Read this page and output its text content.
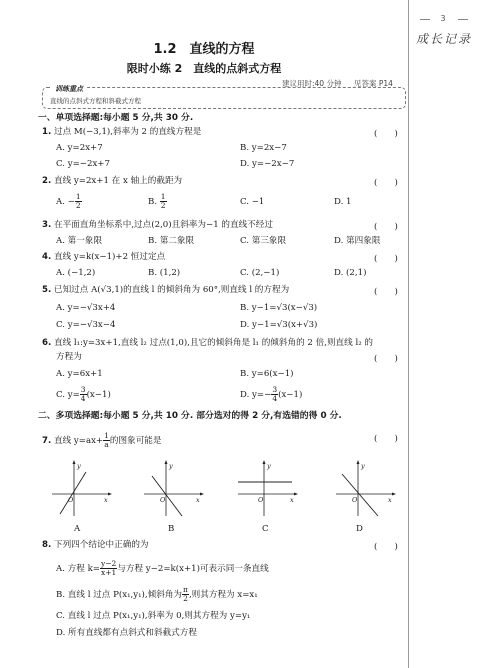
3
成长记录
1.2　直线的方程
限时小练 2　直线的点斜式方程
建议用时:40 分钟 见答案 P14
训练重点
直线的点斜式方程和斜截式方程
一、单项选择题:每小题 5 分,共 30 分.
1. 过点 M(−3,1),斜率为 2 的直线方程是	(　　)
A. y=2x+7	B. y=2x−7
C. y=−2x+7	D. y=−2x−7
2. 直线 y=2x+1 在 x 轴上的截距为	(　　)
A. − $\frac{1}{2}$	B. $\frac{1}{2}$	C. −1	D. 1
3. 在平面直角坐标系中,过点(2,0)且斜率为−1 的直线不经过	(　　)
A. 第一象限	B. 第二象限	C. 第三象限	D. 第四象限
4. 直线 y=k(x−1)+2 恒过定点	(　　)
A. (−1,2)	B. (1,2)	C. (2,−1)	D. (2,1)
5. 已知过点 A(√3,1)的直线 l 的倾斜角为 60°,则直线 l 的方程为	(　　)
A. y=−√3x+4	B. y−1=√3(x−√3)
C. y=−√3x−4	D. y−1=√3(x+√3)
6. 直线 l₁:y=3x+1,直线 l₂ 过点(1,0),且它的倾斜角是 l₁ 的倾斜角的 2 倍,则直线 l₂ 的
方程为	(　　)
A. y=6x+1	B. y=6(x−1)
C. $y= \frac{3}{4} (x-1)$	D. $y=- \frac{3}{4} (x-1)$
二、多项选择题:每小题 5 分,共 10 分. 部分选对的得 2 分,有选错的得 0 分.
7. 直线 $y=ax+ \frac{1}{a}$ 的图象可能是	(　　)
y
x
O
y
x
O
y
x
O
y
x
O
A	B	C	D
8. 下列四个结论中正确的为	(　　)
A. 方程 $k= \frac{y-2}{x+1}$ 与方程 y−2=k(x+1)可表示同一条直线
B. 直线 l 过点 P(x₁,y₁),倾斜角为 $\frac{\pi}{2}$ ,则其方程为 x=x₁
C. 直线 l 过点 P(x₁,y₁),斜率为 0,则其方程为 y=y₁
D. 所有直线都有点斜式和斜截式方程
